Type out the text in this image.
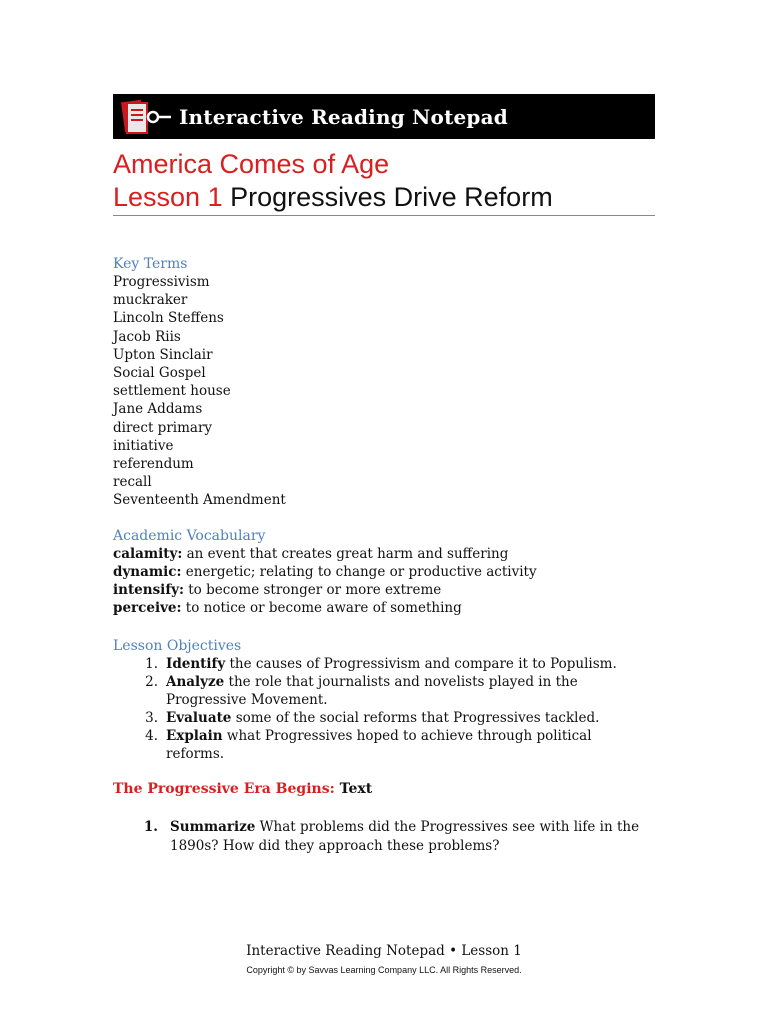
Interactive Reading Notepad
America Comes of Age
Lesson 1 Progressives Drive Reform
Key Terms
Progressivism
muckraker
Lincoln Steffens
Jacob Riis
Upton Sinclair
Social Gospel
settlement house
Jane Addams
direct primary
initiative
referendum
recall
Seventeenth Amendment
Academic Vocabulary
calamity: an event that creates great harm and suffering
dynamic: energetic; relating to change or productive activity
intensify: to become stronger or more extreme
perceive: to notice or become aware of something
Lesson Objectives
1. Identify the causes of Progressivism and compare it to Populism.
2. Analyze the role that journalists and novelists played in the Progressive Movement.
3. Evaluate some of the social reforms that Progressives tackled.
4. Explain what Progressives hoped to achieve through political reforms.
The Progressive Era Begins: Text
1. Summarize What problems did the Progressives see with life in the 1890s? How did they approach these problems?
Interactive Reading Notepad • Lesson 1
Copyright © by Savvas Learning Company LLC. All Rights Reserved.
